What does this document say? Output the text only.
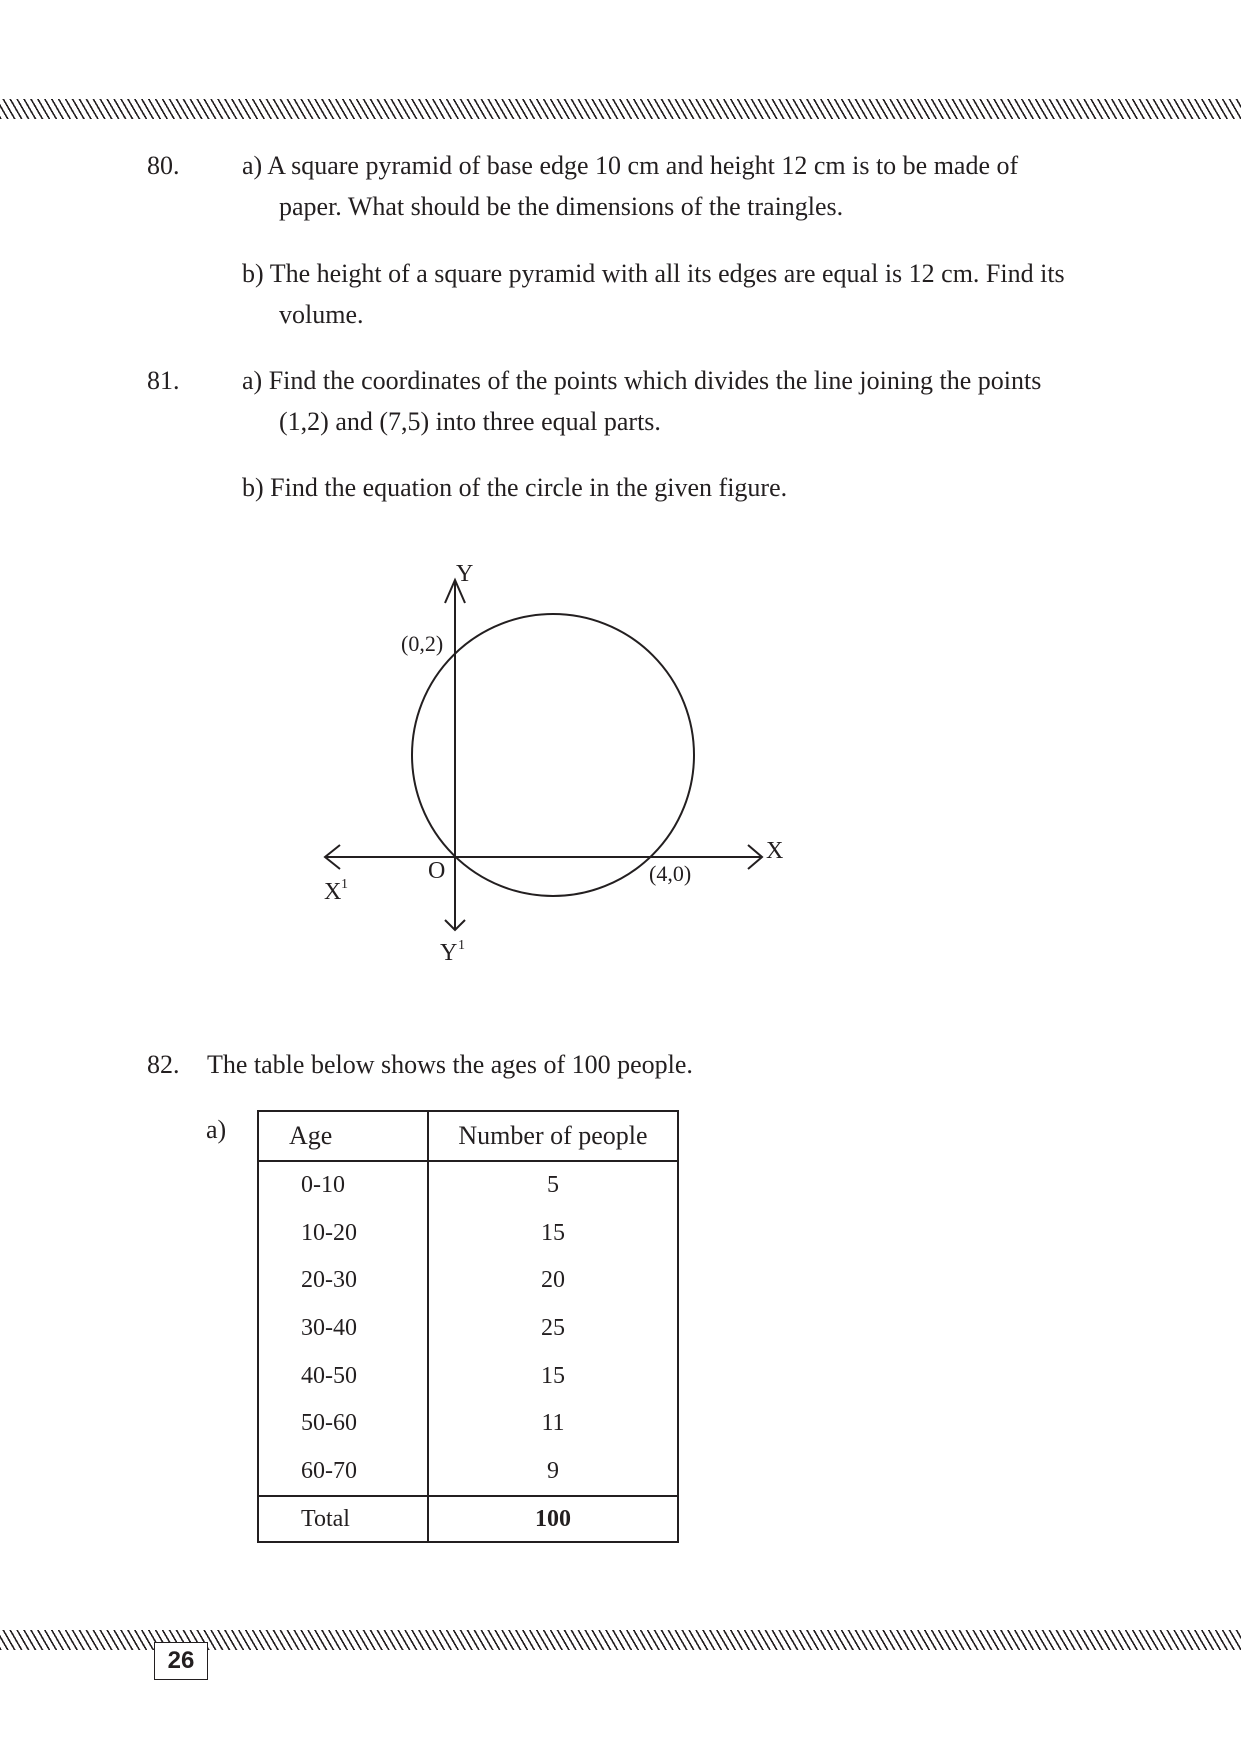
80. a) A square pyramid of base edge 10 cm and height 12 cm is to be made of
paper. What should be the dimensions of the traingles.
b) The height of a square pyramid with all its edges are equal is 12 cm. Find its
volume.
81. a) Find the coordinates of the points which divides the line joining the points
(1,2) and (7,5) into three equal parts.
b) Find the equation of the circle in the given figure.
Y
X
X 1
Y 1
O
(0,2)
(4,0)
82. The table below shows the ages of 100 people.
a) Age	Number of people
0-10	5
10-20	15
20-30	20
30-40	25
40-50	15
50-60	11
60-70	9
Total	100
26
